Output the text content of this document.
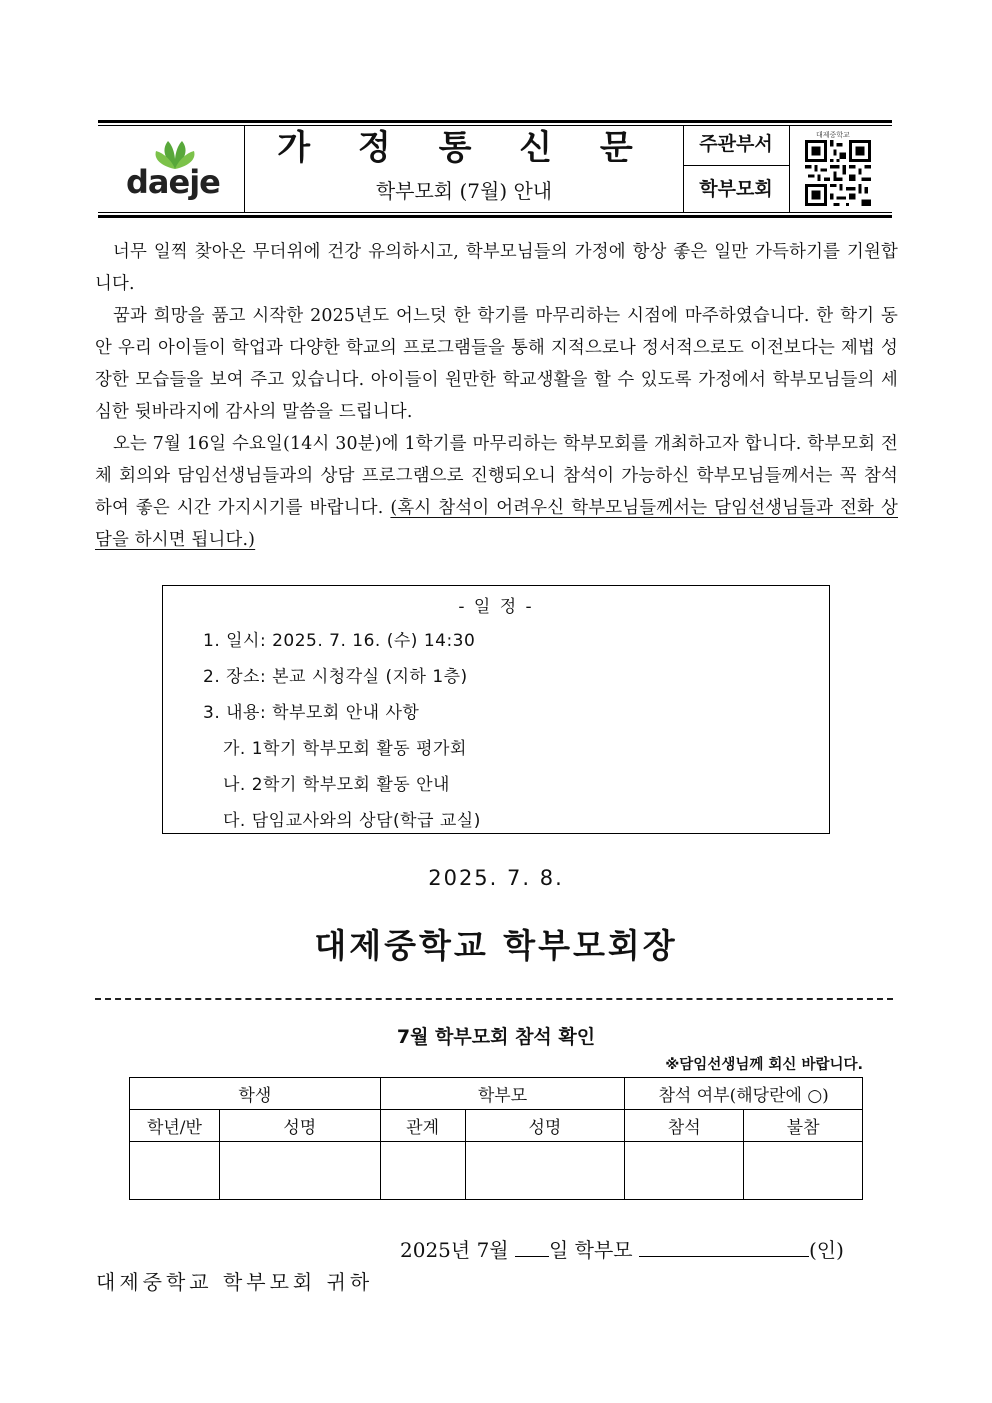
daeje
가 정 통 신 문
학부모회 (7월) 안내
주관부서
학부모회
대제중학교

너무 일찍 찾아온 무더위에 건강 유의하시고, 학부모님들의 가정에 항상 좋은 일만 가득하기를 기원합니다.

꿈과 희망을 품고 시작한 2025년도 어느덧 한 학기를 마무리하는 시점에 마주하였습니다. 한 학기 동안 우리 아이들이 학업과 다양한 학교의 프로그램들을 통해 지적으로나 정서적으로도 이전보다는 제법 성장한 모습들을 보여 주고 있습니다. 아이들이 원만한 학교생활을 할 수 있도록 가정에서 학부모님들의 세심한 뒷바라지에 감사의 말씀을 드립니다.

오는 7월 16일 수요일(14시 30분)에 1학기를 마무리하는 학부모회를 개최하고자 합니다. 학부모회 전체 회의와 담임선생님들과의 상담 프로그램으로 진행되오니 참석이 가능하신 학부모님들께서는 꼭 참석하여 좋은 시간 가지시기를 바랍니다. (혹시 참석이 어려우신 학부모님들께서는 담임선생님들과 전화 상담을 하시면 됩니다.)

- 일 정 -
1. 일시: 2025. 7. 16. (수) 14:30
2. 장소: 본교 시청각실 (지하 1층)
3. 내용: 학부모회 안내 사항
가. 1학기 학부모회 활동 평가회
나. 2학기 학부모회 활동 안내
다. 담임교사와의 상담(학급 교실)
2025. 7. 8.
대제중학교 학부모회장
7월 학부모회 참석 확인
※담임선생님께 회신 바랍니다.
학생		학부모		참석 여부(해당란에 ○)	
학년/반	성명	관계	성명	참석	불참

2025년 7월 일 학부모	(인)
대제중학교 학부모회 귀하
